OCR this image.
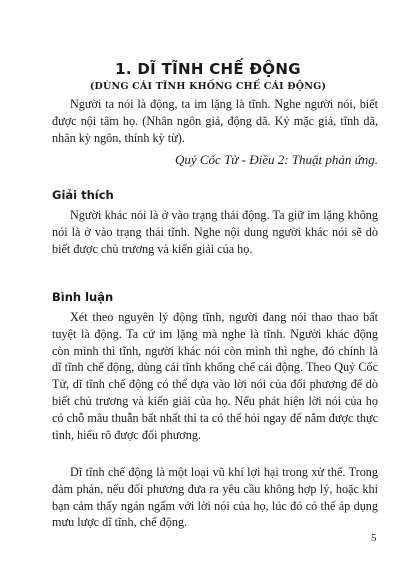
1. DĨ TĨNH CHẾ ĐỘNG
(DÙNG CÁI TĨNH KHỐNG CHẾ CÁI ĐỘNG)

Người ta nói là động, ta im lặng là tĩnh. Nghe người nói, biết được nội tâm họ. (Nhân ngôn giả, động dã. Kỷ mặc giả, tĩnh dã, nhân kỳ ngôn, thính kỳ từ).

Quỷ Cốc Tử - Điều 2: Thuật phản ứng.
Giải thích

Người khác nói là ở vào trạng thái động. Ta giữ im lặng không nói là ở vào trạng thái tĩnh. Nghe nội dung người khác nói sẽ dò biết được chủ trương và kiến giải của họ.

Bình luận

Xét theo nguyên lý động tĩnh, người đang nói thao thao bất tuyệt là động. Ta cứ im lặng mà nghe là tĩnh. Người khác động còn mình thì tĩnh, người khác nói còn mình thì nghe, đó chính là dĩ tĩnh chế động, dùng cái tĩnh khống chế cái động. Theo Quỷ Cốc Tử, dĩ tĩnh chế động có thể dựa vào lời nói của đối phương để dò biết chủ trương và kiến giải của họ. Nếu phát hiện lời nói của họ có chỗ mâu thuẫn bất nhất thì ta có thể hỏi ngay để nắm được thực tình, hiểu rõ được đối phương.

Dĩ tĩnh chế động là một loại vũ khí lợi hại trong xử thế. Trong đàm phán, nếu đối phương đưa ra yêu cầu không hợp lý, hoặc khi bạn cảm thấy ngán ngẩm với lời nói của họ, lúc đó có thể áp dụng mưu lược dĩ tĩnh, chế động.

5
